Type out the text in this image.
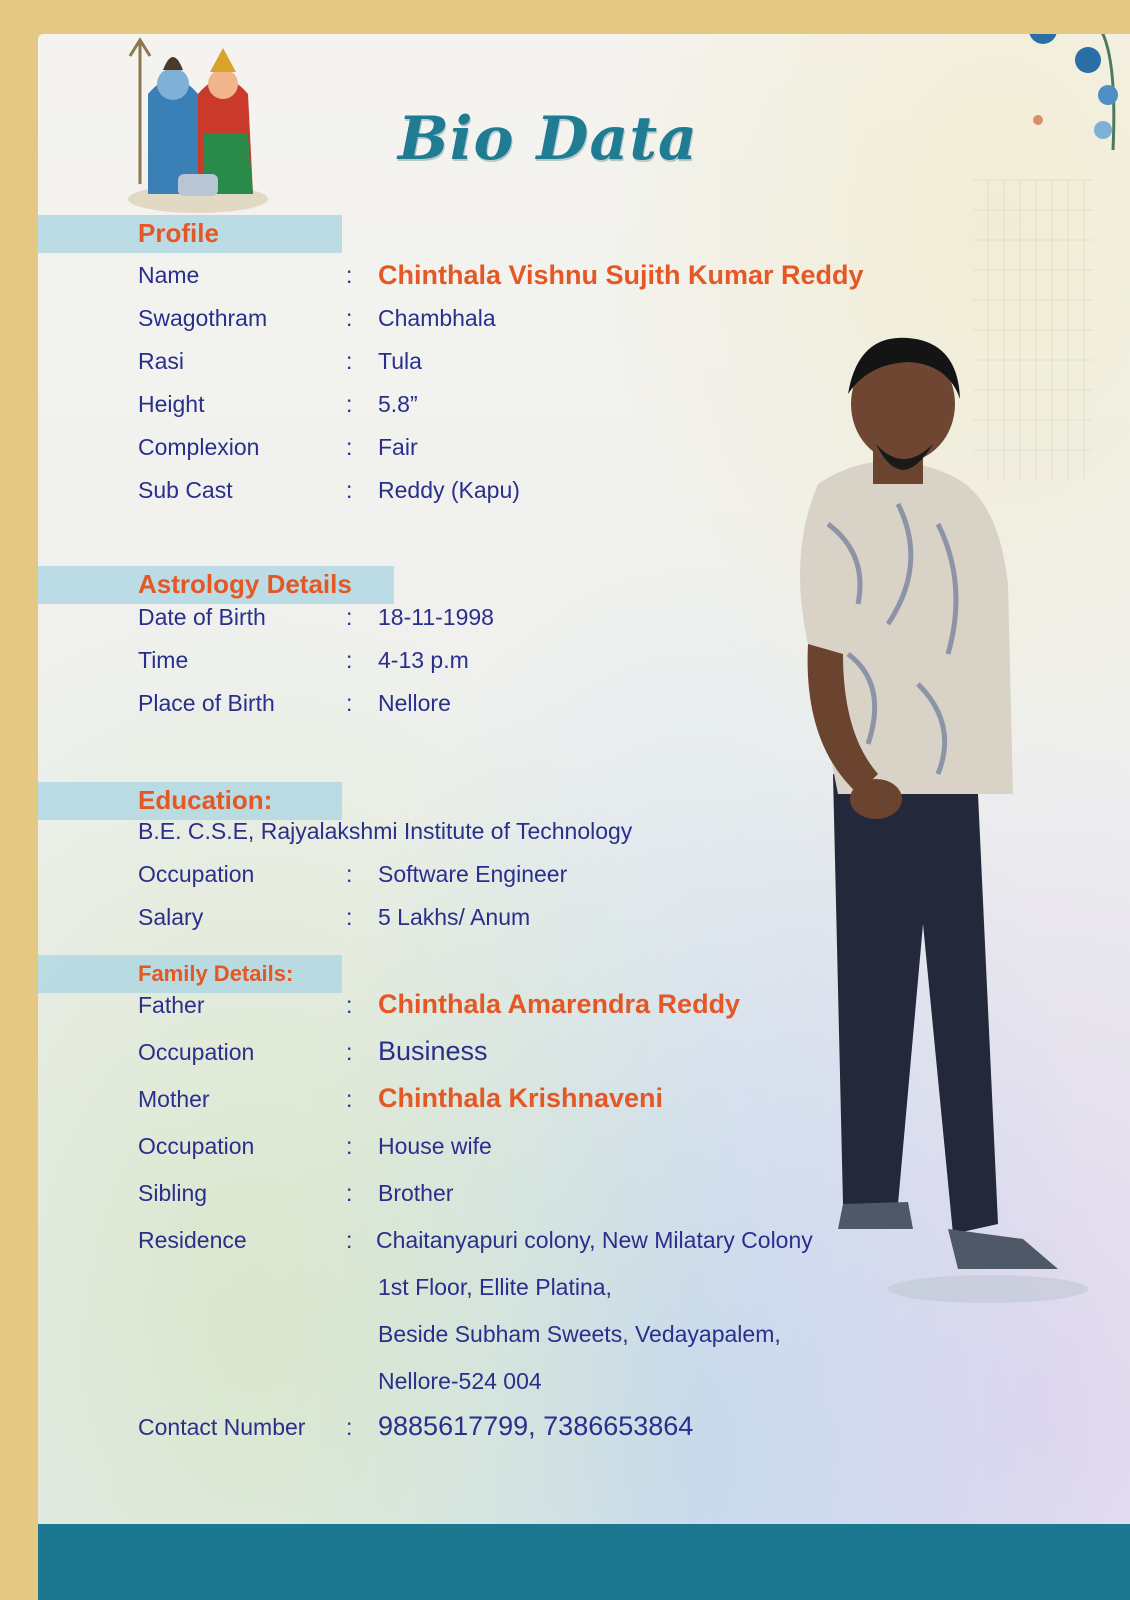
Bio Data
Profile
Name	: Chinthala Vishnu Sujith Kumar Reddy
Swagothram	: Chambhala
Rasi	: Tula
Height	: 5.8”
Complexion	: Fair
Sub Cast	: Reddy (Kapu)
Astrology Details
Date of Birth	: 18-11-1998
Time	: 4-13 p.m
Place of Birth	: Nellore
Education:
B.E. C.S.E, Rajyalakshmi Institute of Technology
Occupation	: Software Engineer
Salary	: 5 Lakhs/ Anum
Family Details:
Father	: Chinthala Amarendra Reddy
Occupation	: Business
Mother	: Chinthala Krishnaveni
Occupation	: House wife
Sibling	: Brother
Residence	: Chaitanyapuri colony, New Milatary Colony
1st Floor, Ellite Platina,
Beside Subham Sweets, Vedayapalem,
Nellore-524 004
Contact Number : 9885617799, 7386653864
